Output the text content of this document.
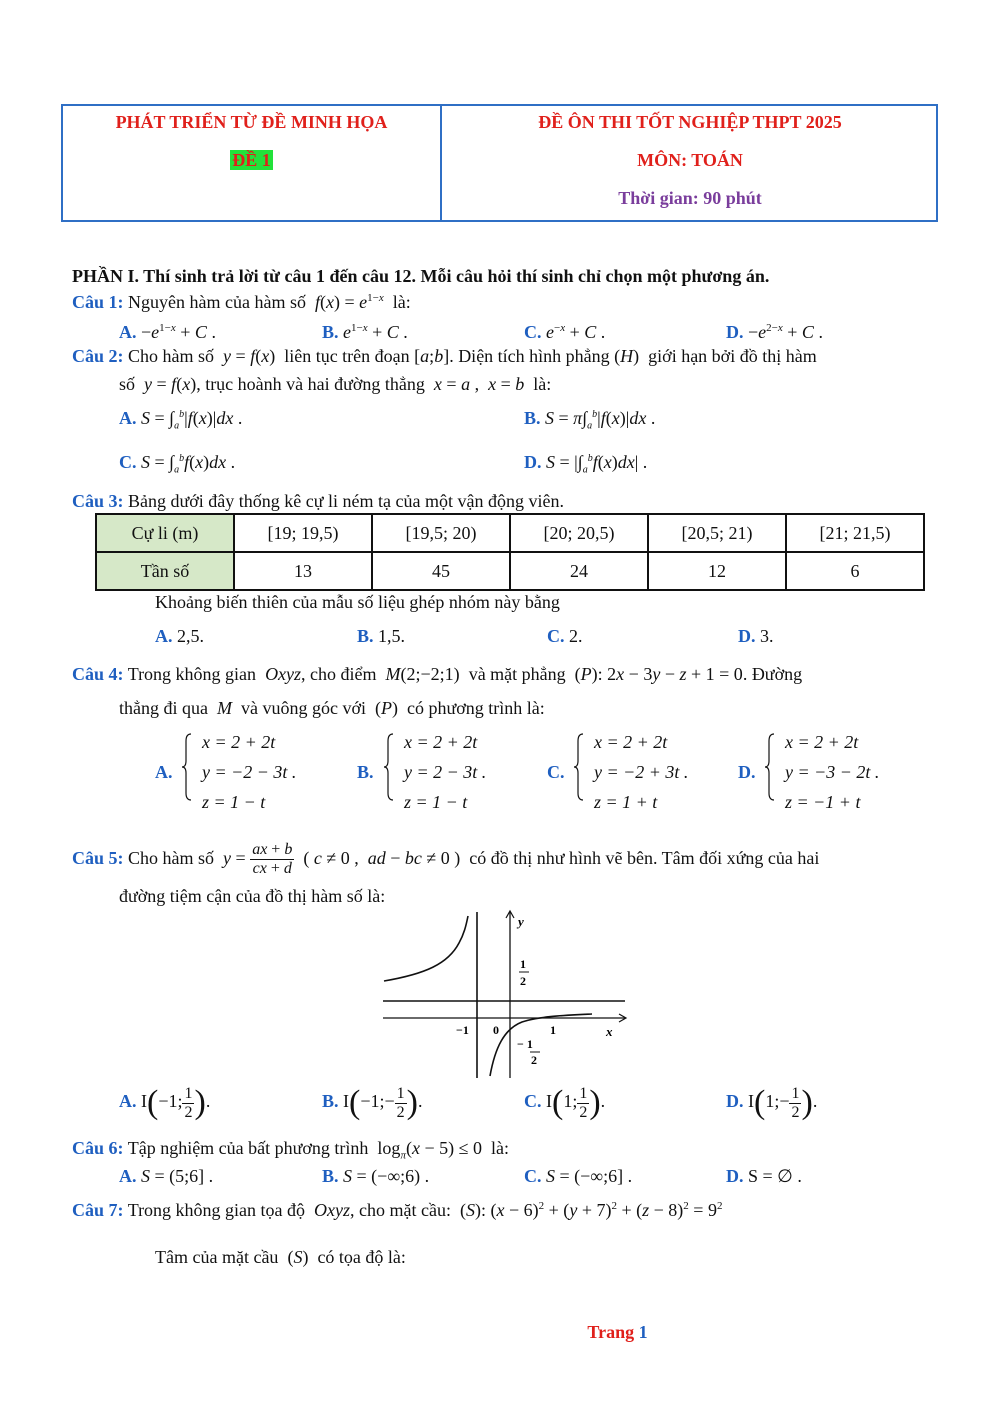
PHÁT TRIỂN TỪ ĐỀ MINH HỌA
ĐỀ 1
ĐỀ ÔN THI TỐT NGHIỆP THPT 2025
MÔN: TOÁN
Thời gian: 90 phút
PHẦN I. Thí sinh trả lời từ câu 1 đến câu 12. Mỗi câu hỏi thí sinh chỉ chọn một phương án.
Câu 1: Nguyên hàm của hàm số  $f(x) = e^{1-x}$ là:
A. $-e^{1-x} + C$ .	B. $e^{1-x} + C$ .	C. $e^{-x} + C$ .	D. $-e^{2-x} + C$ .
Câu 2: Cho hàm số y = f(x)  liên tục trên đoạn [a;b]. Diện tích hình phẳng (H)  giới hạn bởi đồ thị hàm
số y = f(x), trục hoành và hai đường thẳng x = a ,  x = b là:
A. $S = \int_a^b|f(x)|dx$ .	B. $S = \pi\int_a^b|f(x)|dx$ .
C. $S = \int_a^bf(x)dx$ .	D. $S = |\int_a^bf(x)dx|$ .
Câu 3: Bảng dưới đây thống kê cự li ném tạ của một vận động viên.
Cự li (m)	[19; 19,5)	[19,5; 20)	[20; 20,5)	[20,5; 21)	[21; 21,5)
Tần số	13	45	24	12	6
Khoảng biến thiên của mẫu số liệu ghép nhóm này bằng
A. 2,5.	B. 1,5.	C. 2.	D. 3.
Câu 4: Trong không gian Oxyz, cho điểm M(2;−2;1)  và mặt phẳng  (P): 2x − 3y − z + 1 = 0. Đường
thẳng đi qua M và vuông góc với  (P)  có phương trình là:
A.
x = 2 + 2t
y = −2 − 3t .
z = 1 − t
B.
x = 2 + 2t
y = 2 − 3t .
z = 1 − t
C.
x = 2 + 2t
y = −2 + 3t .
z = 1 + t
D.
x = 2 + 2t
y = −3 − 2t .
z = −1 + t
Câu 5: Cho hàm số $y = \frac{ax + b}{cx + d}$ ( c ≠ 0 ,  ad − bc ≠ 0 )  có đồ thị như hình vẽ bên. Tâm đối xứng của hai
đường tiệm cận của đồ thị hàm số là:
y
x
1
2
−1 0	1
− 1
2
A. I(−1; $\frac{1}{2}$ ).	B. I(−1;− $\frac{1}{2}$ ).	C. I(1; $\frac{1}{2}$ ).	D. I(1;− $\frac{1}{2}$ ).
Câu 6: Tập nghiệm của bất phương trình  $\log_\pi(x - 5) \le 0$  là:
A. S = (5;6] .	B. S = (−∞;6) .	C. S = (−∞;6] .	D. S = ∅ .
Câu 7: Trong không gian tọa độ Oxyz, cho mặt cầu:  (S): $(x - 6)^2 + (y + 7)^2 + (z - 8)^2 = 9^2$
Tâm của mặt cầu  (S)  có tọa độ là:
Trang 1
